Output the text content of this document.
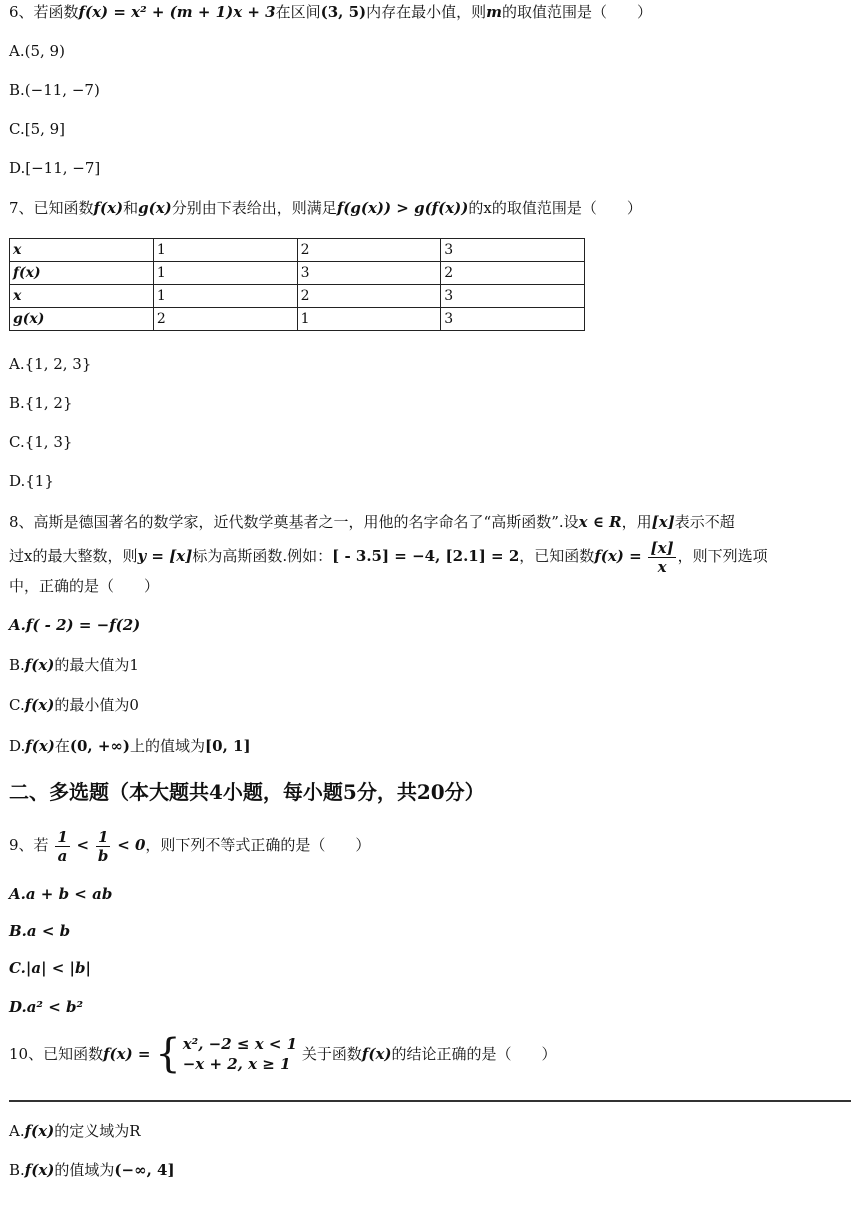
6、若函数f(x) = x² + (m + 1)x + 3在区间(3, 5)内存在最小值，则m的取值范围是（　　）
A.(5, 9)
B.(−11, −7)
C.[5, 9]
D.[−11, −7]
7、已知函数f(x)和g(x)分别由下表给出，则满足f(g(x)) > g(f(x))的x的取值范围是（　　）
x	1	2	3
f(x)	1	3	2
x	1	2	3
g(x)	2	1	3
A.{1, 2, 3}
B.{1, 2}
C.{1, 3}
D.{1}
8、高斯是德国著名的数学家，近代数学奠基者之一，用他的名字命名了“高斯函数”.设x ∈ R，用[x]表示不超
过x的最大整数，则y = [x]标为高斯函数.例如：[ - 3.5] = −4, [2.1] = 2，已知函数$f(x) = \frac{[x]}{x}$ ，则下列选项
中，正确的是（　　）
A.f( - 2) = −f(2)
B.f(x)的最大值为1
C.f(x)的最小值为0
D.f(x)在(0, +∞)上的值域为[0, 1]
二、多选题（本大题共4小题，每小题5分，共20分）
9、若 $\frac{1}{a} < \frac{1}{b} < 0$，则下列不等式正确的是（　　）
A.a + b < ab
B.a < b
C.|a| < |b|
D.a² < b²
10、已知函数 f(x) =
{ x², −2 ≤ x < 1
−x + 2, x ≥ 1

关于函数 f(x) 的结论正确的是（　　）
A.f(x)的定义域为R
B.f(x)的值域为(−∞, 4]
